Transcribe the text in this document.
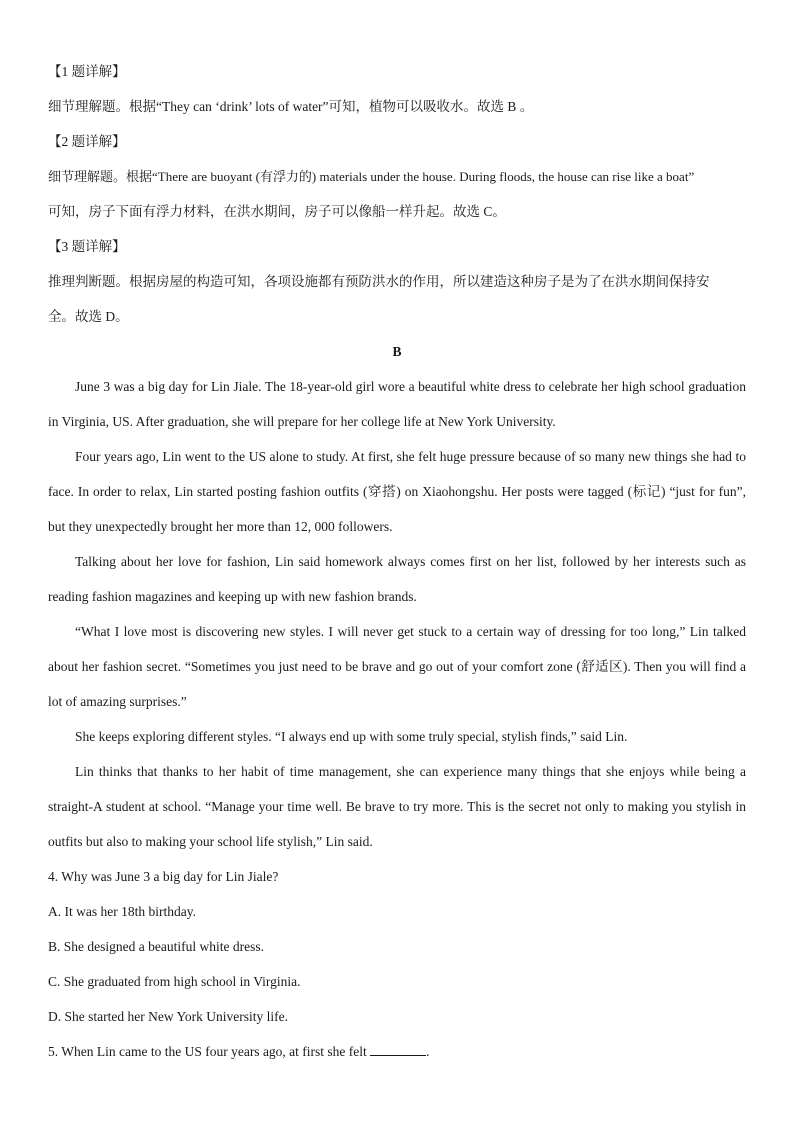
【1 题详解】

细节理解题。根据“They can ‘drink’ lots of water”可知，植物可以吸收水。故选 B 。

【2 题详解】

细节理解题。根据“There are buoyant (有浮力的) materials under the house. During floods, the house can rise like a boat”

可知，房子下面有浮力材料，在洪水期间，房子可以像船一样升起。故选 C。

【3 题详解】

推理判断题。根据房屋的构造可知，各项设施都有预防洪水的作用，所以建造这种房子是为了在洪水期间保持安

全。故选 D。

B

June 3 was a big day for Lin Jiale. The 18-year-old girl wore a beautiful white dress to celebrate her high school graduation in Virginia, US. After graduation, she will prepare for her college life at New York University.

Four years ago, Lin went to the US alone to study. At first, she felt huge pressure because of so many new things she had to face. In order to relax, Lin started posting fashion outfits (穿搭) on Xiaohongshu. Her posts were tagged (标记) “just for fun”, but they unexpectedly brought her more than 12, 000 followers.

Talking about her love for fashion, Lin said homework always comes first on her list, followed by her interests such as reading fashion magazines and keeping up with new fashion brands.

“What I love most is discovering new styles. I will never get stuck to a certain way of dressing for too long,” Lin talked about her fashion secret. “Sometimes you just need to be brave and go out of your comfort zone (舒适区). Then you will find a lot of amazing surprises.”

She keeps exploring different styles. “I always end up with some truly special, stylish finds,” said Lin.

Lin thinks that thanks to her habit of time management, she can experience many things that she enjoys while being a straight-A student at school. “Manage your time well. Be brave to try more. This is the secret not only to making you stylish in outfits but also to making your school life stylish,” Lin said.

4. Why was June 3 a big day for Lin Jiale?

A. It was her 18th birthday.

B. She designed a beautiful white dress.

C. She graduated from high school in Virginia.

D. She started her New York University life.

5. When Lin came to the US four years ago, at first she felt	.
